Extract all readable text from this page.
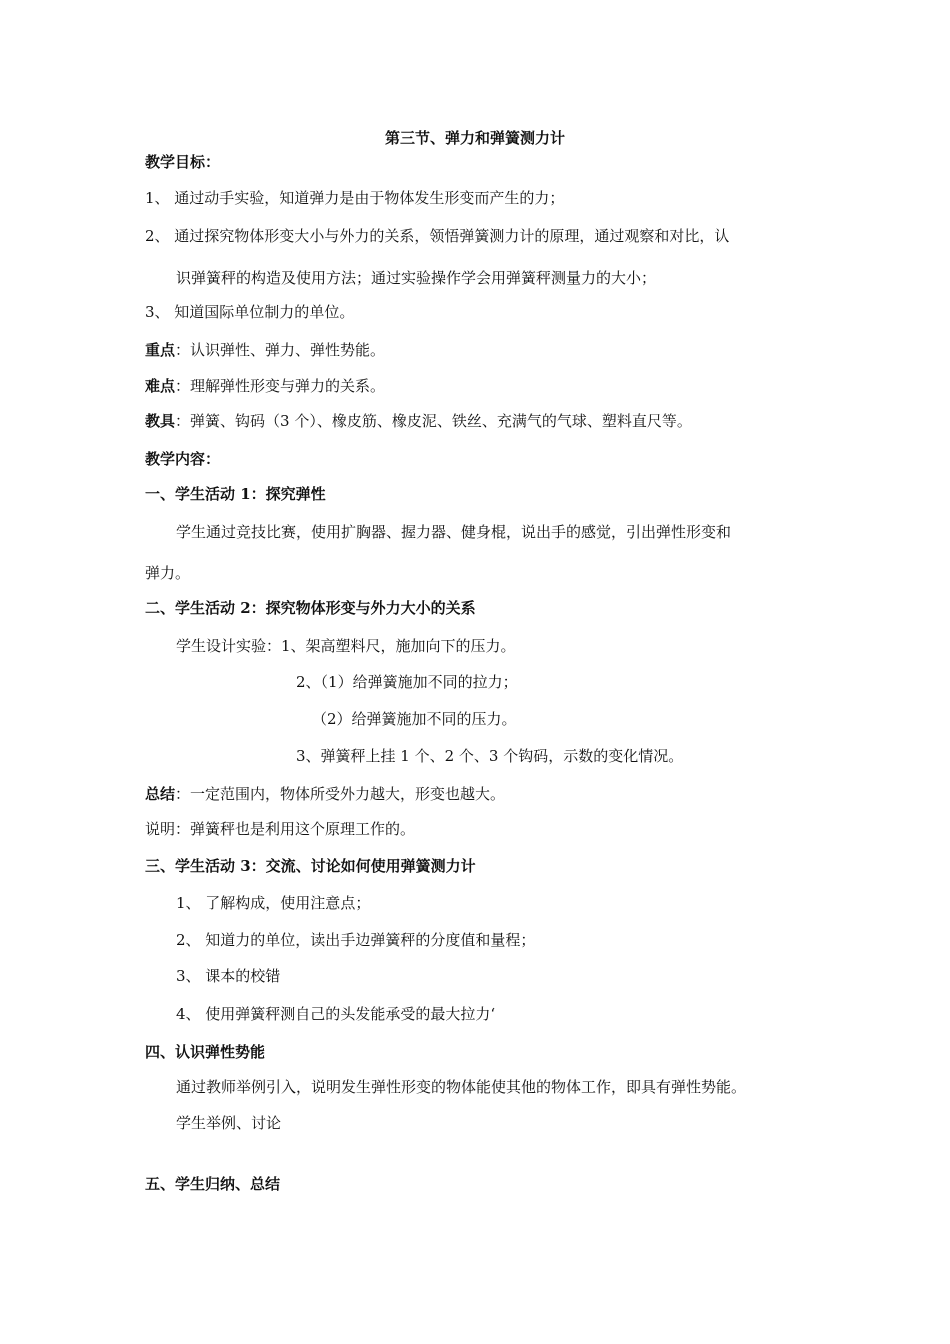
第三节、弹力和弹簧测力计
教学目标：
1、 通过动手实验，知道弹力是由于物体发生形变而产生的力；
2、 通过探究物体形变大小与外力的关系，领悟弹簧测力计的原理，通过观察和对比，认
识弹簧秤的构造及使用方法；通过实验操作学会用弹簧秤测量力的大小；
3、 知道国际单位制力的单位。
重点：认识弹性、弹力、弹性势能。
难点：理解弹性形变与弹力的关系。
教具：弹簧、钩码（3 个）、橡皮筋、橡皮泥、铁丝、充满气的气球、塑料直尺等。
教学内容：
一、学生活动 1：探究弹性
学生通过竞技比赛，使用扩胸器、握力器、健身棍，说出手的感觉，引出弹性形变和
弹力。
二、学生活动 2：探究物体形变与外力大小的关系
学生设计实验：1、架高塑料尺，施加向下的压力。
2、（1）给弹簧施加不同的拉力；
（2）给弹簧施加不同的压力。
3、弹簧秤上挂 1 个、2 个、3 个钩码，示数的变化情况。
总结：一定范围内，物体所受外力越大，形变也越大。
说明：弹簧秤也是利用这个原理工作的。
三、学生活动 3：交流、讨论如何使用弹簧测力计
1、 了解构成，使用注意点；
2、 知道力的单位，读出手边弹簧秤的分度值和量程；
3、 课本的校错
4、 使用弹簧秤测自己的头发能承受的最大拉力‘
四、认识弹性势能
通过教师举例引入，说明发生弹性形变的物体能使其他的物体工作，即具有弹性势能。
学生举例、讨论
五、学生归纳、总结
